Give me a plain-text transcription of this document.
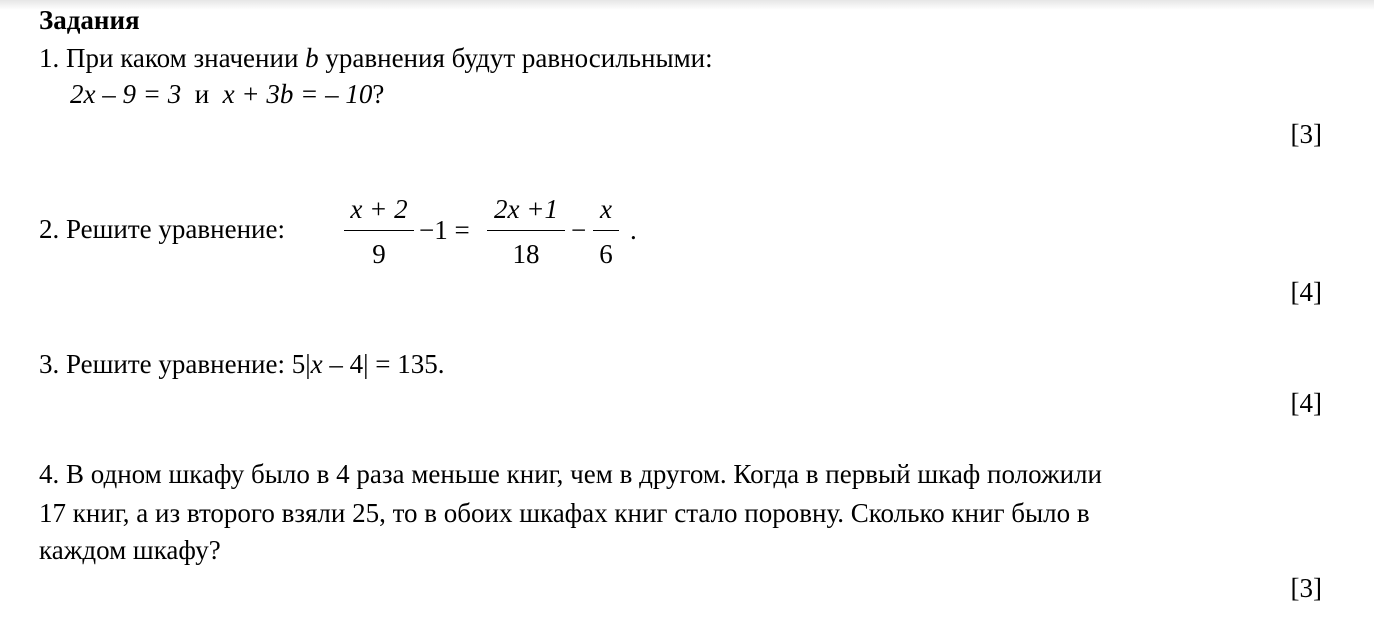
Задания
1. При каком значении b уравнения будут равносильными:
2x – 9 = 3 и x + 3b = – 10?
[3]
2. Решите уравнение:
x + 2
9
−1 =
2x +1
18
−
x
6
.
[4]
3. Решите уравнение: 5|x – 4| = 135.
[4]
4. В одном шкафу было в 4 раза меньше книг, чем в другом. Когда в первый шкаф положили
17 книг, а из второго взяли 25, то в обоих шкафах книг стало поровну. Сколько книг было в
каждом шкафу?
[3]
